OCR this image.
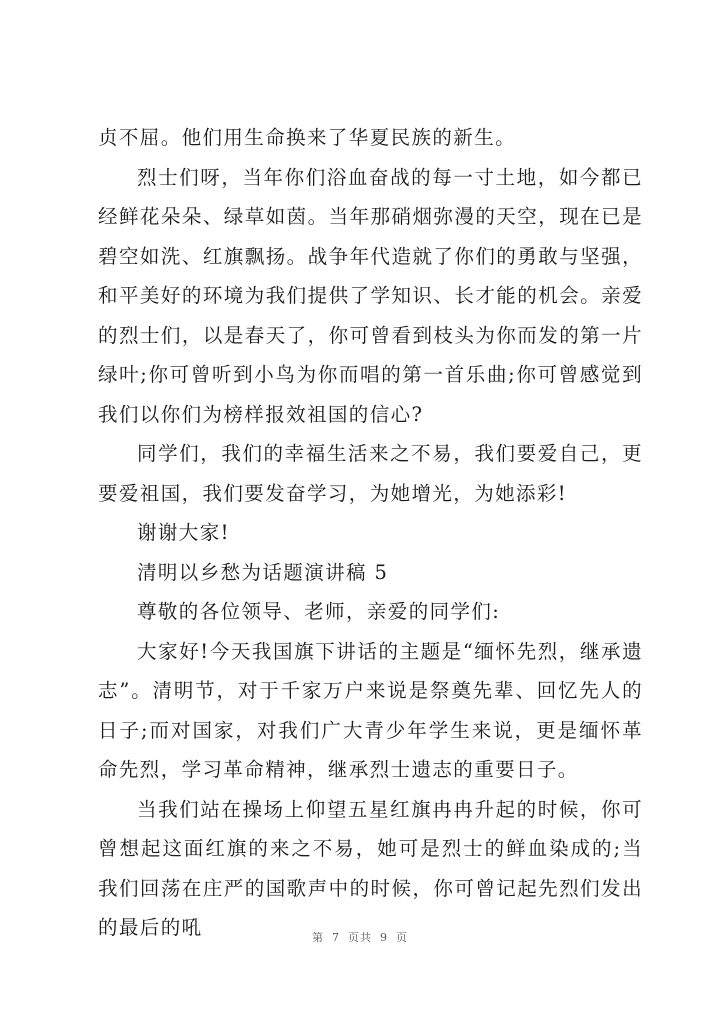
贞不屈。他们用生命换来了华夏民族的新生。

烈士们呀，当年你们浴血奋战的每一寸土地，如今都已经鲜花朵朵、绿草如茵。当年那硝烟弥漫的天空，现在已是碧空如洗、红旗飘扬。战争年代造就了你们的勇敢与坚强，和平美好的环境为我们提供了学知识、长才能的机会。亲爱的烈士们，以是春天了，你可曾看到枝头为你而发的第一片绿叶;你可曾听到小鸟为你而唱的第一首乐曲;你可曾感觉到我们以你们为榜样报效祖国的信心?

同学们，我们的幸福生活来之不易，我们要爱自己，更要爱祖国，我们要发奋学习，为她增光，为她添彩!

谢谢大家!

清明以乡愁为话题演讲稿 5

尊敬的各位领导、老师，亲爱的同学们:

大家好!今天我国旗下讲话的主题是“缅怀先烈，继承遗志”。清明节，对于千家万户来说是祭奠先辈、回忆先人的日子;而对国家，对我们广大青少年学生来说，更是缅怀革命先烈，学习革命精神，继承烈士遗志的重要日子。

当我们站在操场上仰望五星红旗冉冉升起的时候，你可曾想起这面红旗的来之不易，她可是烈士的鲜血染成的;当我们回荡在庄严的国歌声中的时候，你可曾记起先烈们发出的最后的吼	第 7 页共 9 页
